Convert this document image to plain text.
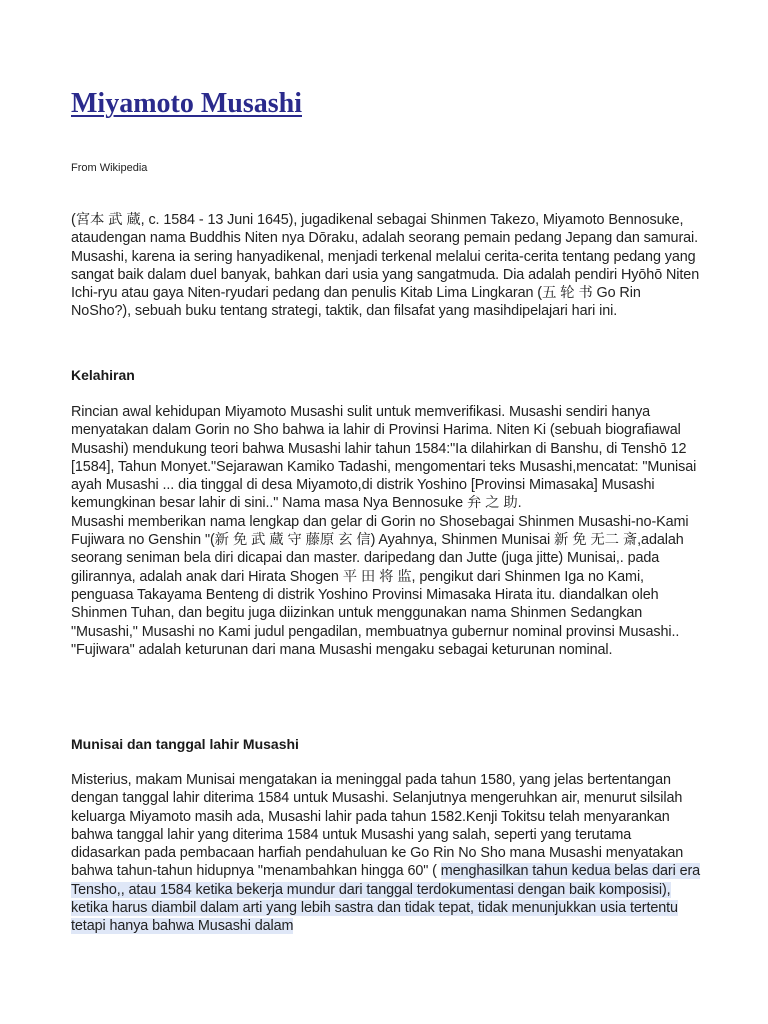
Miyamoto Musashi
From Wikipedia

(宮本 武 蔵, c. 1584 - 13 Juni 1645), jugadikenal sebagai Shinmen Takezo, Miyamoto Bennosuke, ataudengan nama Buddhis Niten nya Dōraku, adalah seorang pemain pedang Jepang dan samurai. Musashi, karena ia sering hanyadikenal, menjadi terkenal melalui cerita-cerita tentang pedang yang sangat baik dalam duel banyak, bahkan dari usia yang sangatmuda. Dia adalah pendiri Hyōhō Niten Ichi-ryu atau gaya Niten-ryudari pedang dan penulis Kitab Lima Lingkaran (五 轮 书 Go Rin NoSho?), sebuah buku tentang strategi, taktik, dan filsafat yang masihdipelajari hari ini.

Kelahiran
Rincian awal kehidupan Miyamoto Musashi sulit untuk memverifikasi. Musashi sendiri hanya menyatakan dalam Gorin no Sho bahwa ia lahir di Provinsi Harima. Niten Ki (sebuah biografiawal Musashi) mendukung teori bahwa Musashi lahir tahun 1584:"Ia dilahirkan di Banshu, di Tenshō 12 [1584], Tahun Monyet."Sejarawan Kamiko Tadashi, mengomentari teks Musashi,mencatat: "Munisai ayah Musashi ... dia tinggal di desa Miyamoto,di distrik Yoshino [Provinsi Mimasaka] Musashi kemungkinan besar lahir di sini.." Nama masa Nya Bennosuke 弁 之 助.
Musashi memberikan nama lengkap dan gelar di Gorin no Shosebagai Shinmen Musashi-no-Kami Fujiwara no Genshin "(新 免 武 蔵 守 藤原 玄 信) Ayahnya, Shinmen Munisai 新 免 无二 斎,adalah seorang seniman bela diri dicapai dan master. daripedang dan Jutte (juga jitte) Munisai,. pada gilirannya, adalah anak dari Hirata Shogen 平 田 将 监, pengikut dari Shinmen Iga no Kami, penguasa Takayama Benteng di distrik Yoshino Provinsi Mimasaka Hirata itu. diandalkan oleh Shinmen Tuhan, dan begitu juga diizinkan untuk menggunakan nama Shinmen Sedangkan "Musashi," Musashi no Kami judul pengadilan, membuatnya gubernur nominal provinsi Musashi.. "Fujiwara" adalah keturunan dari mana Musashi mengaku sebagai keturunan nominal.
Munisai dan tanggal lahir Musashi

Misterius, makam Munisai mengatakan ia meninggal pada tahun 1580, yang jelas bertentangan dengan tanggal lahir diterima 1584 untuk Musashi. Selanjutnya mengeruhkan air, menurut silsilah keluarga Miyamoto masih ada, Musashi lahir pada tahun 1582.Kenji Tokitsu telah menyarankan bahwa tanggal lahir yang diterima 1584 untuk Musashi yang salah, seperti yang terutama didasarkan pada pembacaan harfiah pendahuluan ke Go Rin No Sho mana Musashi menyatakan bahwa tahun-tahun hidupnya "menambahkan hingga 60" ( menghasilkan tahun kedua belas dari era Tensho,, atau 1584 ketika bekerja mundur dari tanggal terdokumentasi dengan baik komposisi), ketika harus diambil dalam arti yang lebih sastra dan tidak tepat, tidak menunjukkan usia tertentu tetapi hanya bahwa Musashi dalam
